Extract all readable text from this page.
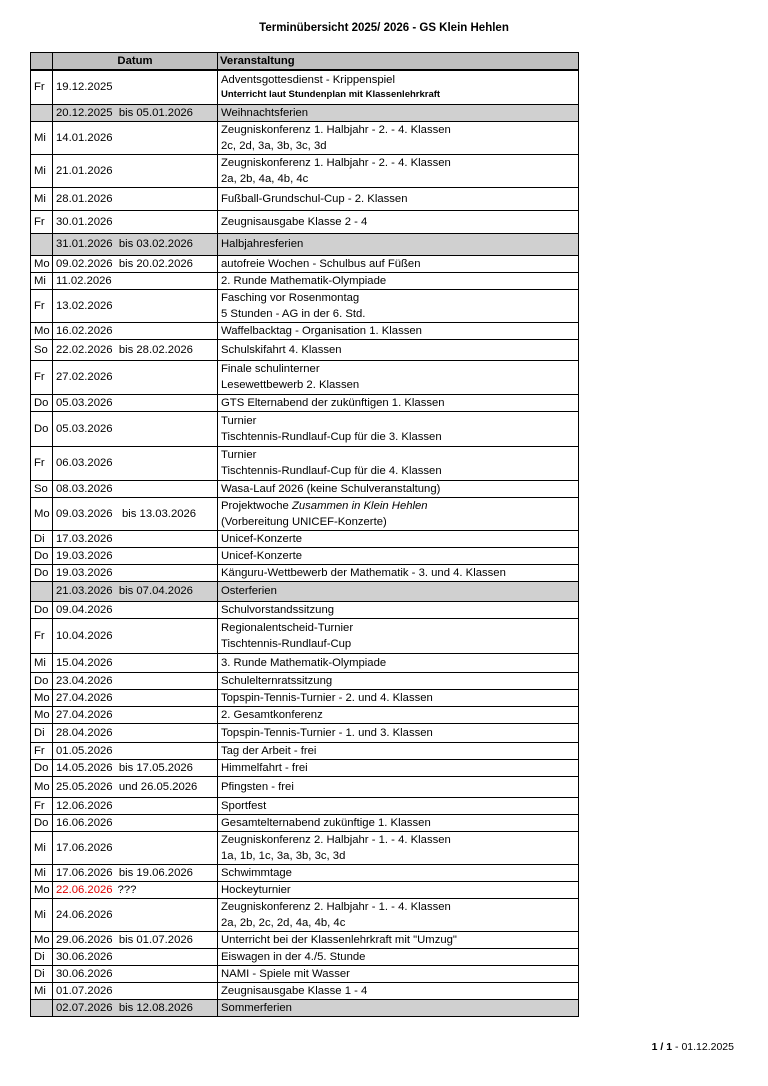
Terminübersicht 2025/ 2026 - GS Klein Hehlen
	Datum	Veranstaltung
Fr	19.12.2025	Adventsgottesdienst - Krippenspiel
Unterricht laut Stundenplan mit Klassenlehrkraft

	20.12.2025  bis 05.01.2026	Weihnachtsferien
Mi	14.01.2026	Zeugniskonferenz 1. Halbjahr - 2. - 4. Klassen
2c, 2d, 3a, 3b, 3c, 3d

Mi	21.01.2026	Zeugniskonferenz 1. Halbjahr - 2. - 4. Klassen
2a, 2b, 4a, 4b, 4c

Mi	28.01.2026	Fußball-Grundschul-Cup - 2. Klassen
Fr	30.01.2026	Zeugnisausgabe Klasse 2 - 4
	31.01.2026  bis 03.02.2026	Halbjahresferien
Mo	09.02.2026  bis 20.02.2026	autofreie Wochen - Schulbus auf Füßen
Mi	11.02.2026	2. Runde Mathematik-Olympiade
Fr	13.02.2026	Fasching vor Rosenmontag
5 Stunden - AG in der 6. Std.

Mo	16.02.2026	Waffelbacktag - Organisation 1. Klassen
So	22.02.2026  bis 28.02.2026	Schulskifahrt 4. Klassen
Fr	27.02.2026	Finale schulinterner
Lesewettbewerb 2. Klassen

Do	05.03.2026	GTS Elternabend der zukünftigen 1. Klassen
Do	05.03.2026	Turnier
Tischtennis-Rundlauf-Cup für die 3. Klassen

Fr	06.03.2026	Turnier
Tischtennis-Rundlauf-Cup für die 4. Klassen

So	08.03.2026	Wasa-Lauf 2026 (keine Schulveranstaltung)
Mo	09.03.2026   bis 13.03.2026	Projektwoche Zusammen in Klein Hehlen
(Vorbereitung UNICEF-Konzerte)

Di	17.03.2026	Unicef-Konzerte
Do	19.03.2026	Unicef-Konzerte
Do	19.03.2026	Känguru-Wettbewerb der Mathematik - 3. und 4. Klassen
	21.03.2026  bis 07.04.2026	Osterferien
Do	09.04.2026	Schulvorstandssitzung
Fr	10.04.2026	Regionalentscheid-Turnier
Tischtennis-Rundlauf-Cup

Mi	15.04.2026	3. Runde Mathematik-Olympiade
Do	23.04.2026	Schulelternratssitzung
Mo	27.04.2026	Topspin-Tennis-Turnier - 2. und 4. Klassen
Mo	27.04.2026	2. Gesamtkonferenz
Di	28.04.2026	Topspin-Tennis-Turnier - 1. und 3. Klassen
Fr	01.05.2026	Tag der Arbeit - frei
Do	14.05.2026  bis 17.05.2026	Himmelfahrt - frei
Mo	25.05.2026  und 26.05.2026	Pfingsten - frei
Fr	12.06.2026	Sportfest
Do	16.06.2026	Gesamtelternabend zukünftige 1. Klassen
Mi	17.06.2026	Zeugniskonferenz 2. Halbjahr - 1. - 4. Klassen
1a, 1b, 1c, 3a, 3b, 3c, 3d

Mi	17.06.2026  bis 19.06.2026	Schwimmtage
Mo	22.06.2026 ???	Hockeyturnier
Mi	24.06.2026	Zeugniskonferenz 2. Halbjahr - 1. - 4. Klassen
2a, 2b, 2c, 2d, 4a, 4b, 4c

Mo	29.06.2026  bis 01.07.2026	Unterricht bei der Klassenlehrkraft mit "Umzug"
Di	30.06.2026	Eiswagen in der 4./5. Stunde
Di	30.06.2026	NAMI - Spiele mit Wasser
Mi	01.07.2026	Zeugnisausgabe Klasse 1 - 4
	02.07.2026  bis 12.08.2026	Sommerferien
1 / 1 - 01.12.2025
